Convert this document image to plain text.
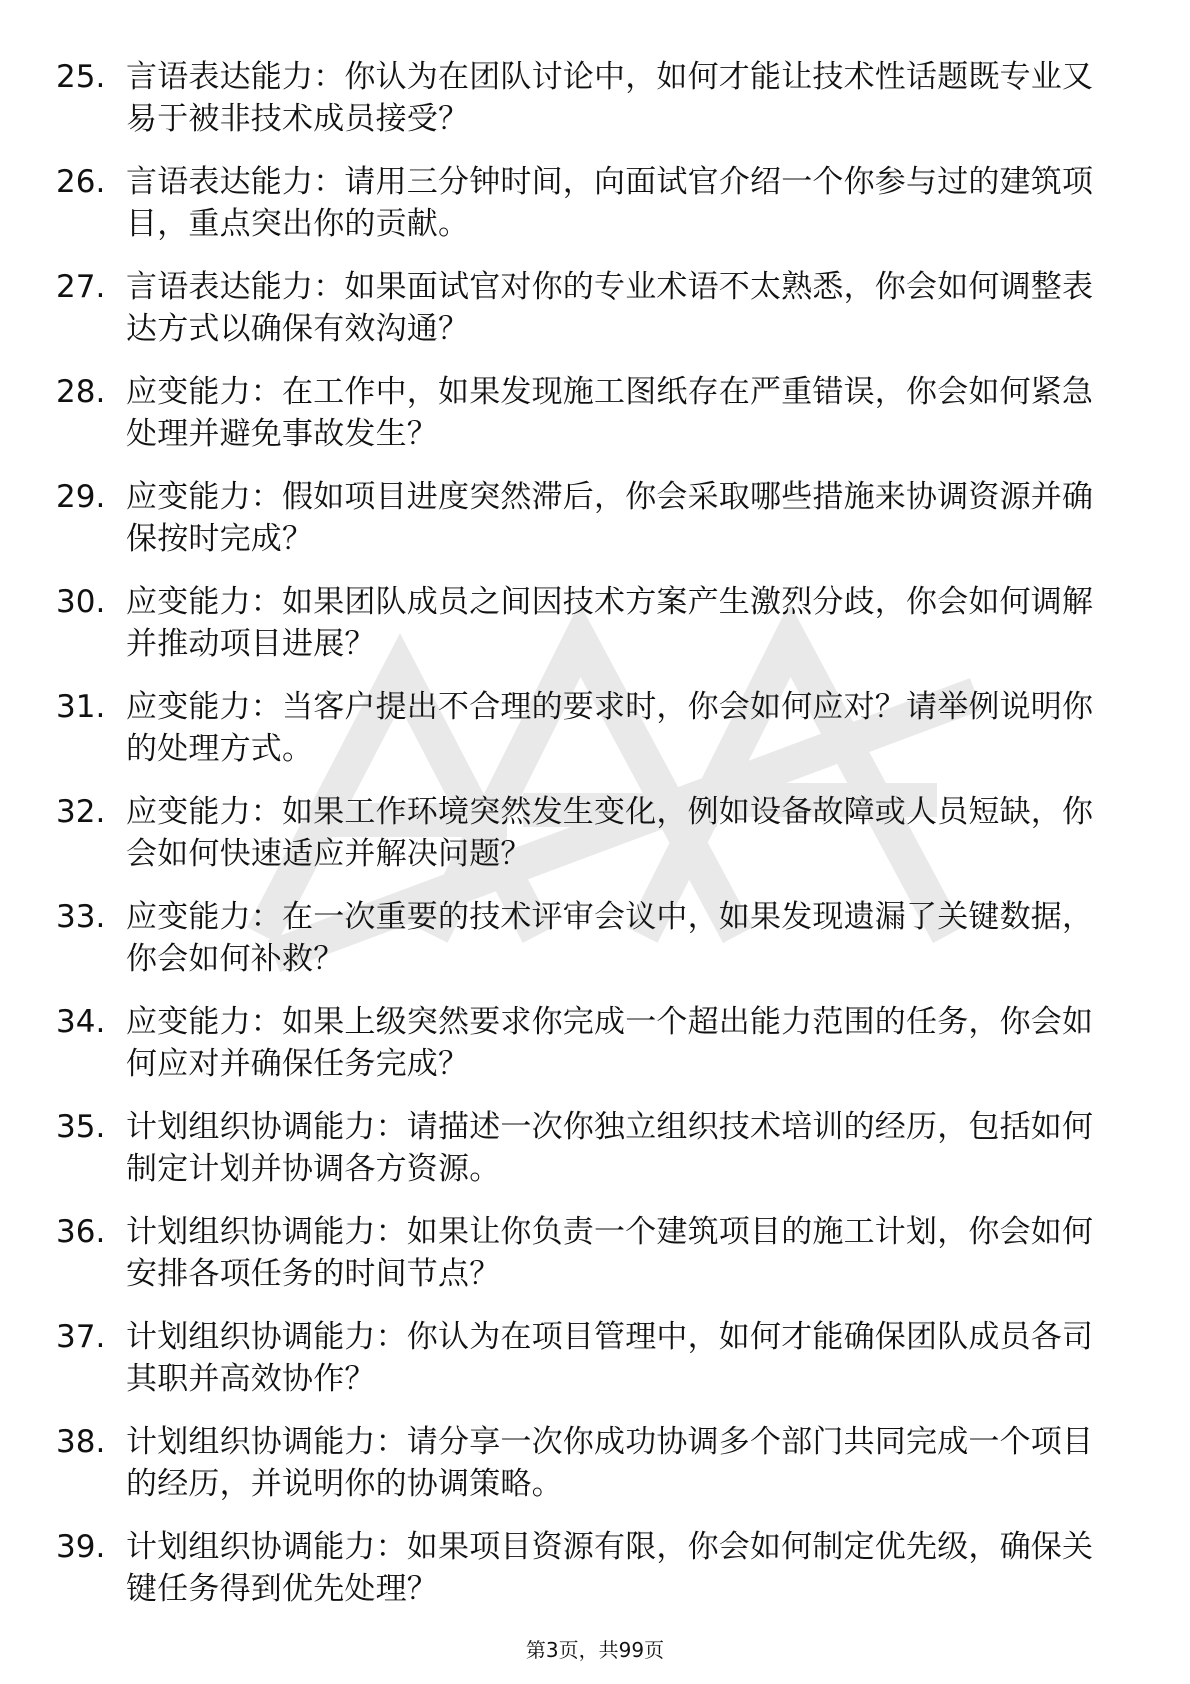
25. 言语表达能力：你认为在团队讨论中，如何才能让技术性话题既专业又易于被非技术成员接受？
26. 言语表达能力：请用三分钟时间，向面试官介绍一个你参与过的建筑项目，重点突出你的贡献。
27. 言语表达能力：如果面试官对你的专业术语不太熟悉，你会如何调整表达方式以确保有效沟通？
28. 应变能力：在工作中，如果发现施工图纸存在严重错误，你会如何紧急处理并避免事故发生？
29. 应变能力：假如项目进度突然滞后，你会采取哪些措施来协调资源并确保按时完成？
30. 应变能力：如果团队成员之间因技术方案产生激烈分歧，你会如何调解并推动项目进展？
31. 应变能力：当客户提出不合理的要求时，你会如何应对？请举例说明你的处理方式。
32. 应变能力：如果工作环境突然发生变化，例如设备故障或人员短缺，你会如何快速适应并解决问题？
33. 应变能力：在一次重要的技术评审会议中，如果发现遗漏了关键数据，你会如何补救？
34. 应变能力：如果上级突然要求你完成一个超出能力范围的任务，你会如何应对并确保任务完成？
35. 计划组织协调能力：请描述一次你独立组织技术培训的经历，包括如何制定计划并协调各方资源。
36. 计划组织协调能力：如果让你负责一个建筑项目的施工计划，你会如何安排各项任务的时间节点？
37. 计划组织协调能力：你认为在项目管理中，如何才能确保团队成员各司其职并高效协作？
38. 计划组织协调能力：请分享一次你成功协调多个部门共同完成一个项目的经历，并说明你的协调策略。
39. 计划组织协调能力：如果项目资源有限，你会如何制定优先级，确保关键任务得到优先处理？
第3页，共99页
